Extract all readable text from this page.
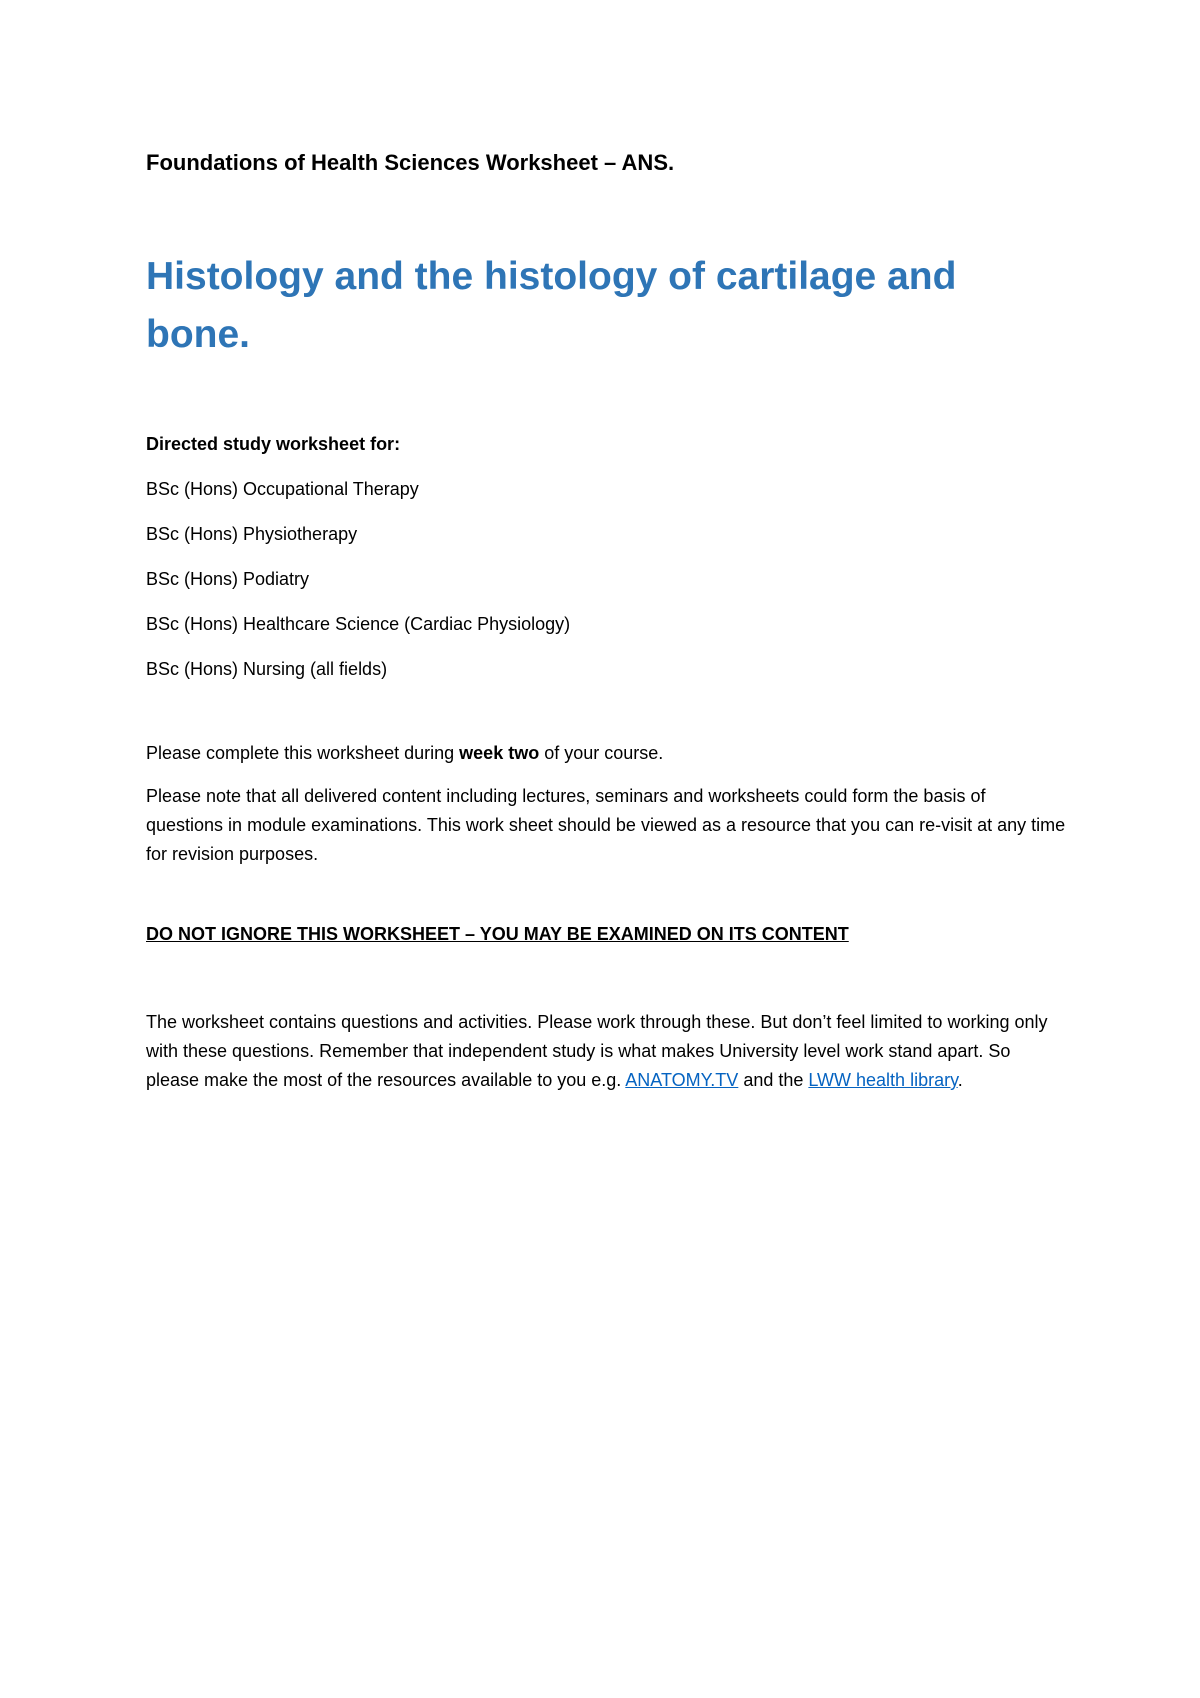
Foundations of Health Sciences Worksheet – ANS.

Histology and the histology of cartilage and bone.

Directed study worksheet for:

BSc (Hons) Occupational Therapy
BSc (Hons) Physiotherapy
BSc (Hons) Podiatry
BSc (Hons) Healthcare Science (Cardiac Physiology)
BSc (Hons) Nursing (all fields)

Please complete this worksheet during week two of your course.

Please note that all delivered content including lectures, seminars and worksheets could form the basis of questions in module examinations. This work sheet should be viewed as a resource that you can re-visit at any time for revision purposes.

DO NOT IGNORE THIS WORKSHEET – YOU MAY BE EXAMINED ON ITS CONTENT

The worksheet contains questions and activities. Please work through these. But don’t feel limited to working only with these questions. Remember that independent study is what makes University level work stand apart. So please make the most of the resources available to you e.g. ANATOMY.TV and the LWW health library.
